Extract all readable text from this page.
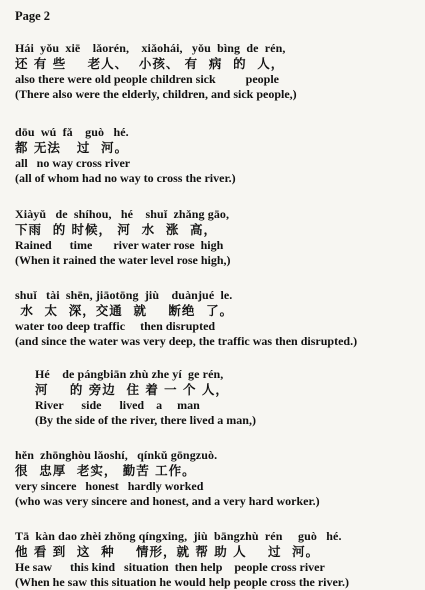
Page 2
Hái  yǒu  xiē    lǎorén,    xiǎohái,   yǒu  bìng  de  rén,
还 有 些    老人、  小孩、 有  病  的  人，
also there were old people children sick          people
(There also were the elderly, children, and sick people,)
dōu  wú  fǎ    guò   hé.
都 无法   过  河。
all   no way cross river
(all of whom had no way to cross the river.)
Xiàyǔ   de  shíhou,   hé    shuǐ  zhǎng gāo,
下雨  的 时候， 河  水  涨  高，
Rained      time       river water rose  high
(When it rained the water level rose high,)
shuǐ   tài  shēn, jiāotōng  jiù    duànjué  le.
水  太  深，交通  就    断绝  了。
water too deep traffic     then disrupted
(and since the water was very deep, the traffic was then disrupted.)
Hé    de pángbiān zhù zhe yí  ge rén,
河    的 旁边  住 着 一 个 人，
River      side      lived    a     man
(By the side of the river, there lived a man,)
hěn  zhōnghòu lǎoshí,   qínkǔ gōngzuò.
很  忠厚  老实， 勤苦 工作。
very sincere   honest   hardly worked
(who was very sincere and honest, and a very hard worker.)
Tā  kàn dao zhèi zhǒng qíngxing,  jiù  bāngzhù  rén     guò   hé.
他 看 到  这  种    情形，就 帮 助 人    过  河。
He saw      this kind   situation  then help    people cross river
(When he saw this situation he would help people cross the river.)
